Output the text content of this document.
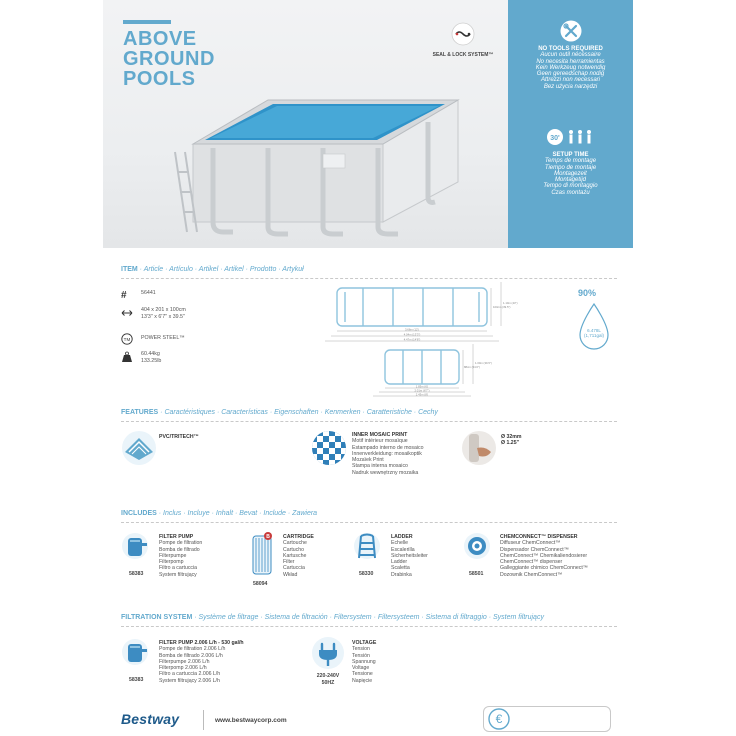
ABOVE
GROUND
POOLS
SEAL & LOCK SYSTEM™
NO TOOLS REQUIRED
Aucun outil nécessaire
No necesita herramientas
Kein Werkzeug notwendig
Geen gereedschap nodig
Attrezzi non necessari
Bez użycia narzędzi
30'
SETUP TIME
Temps de montage
Tiempo de montaje
Montagezeit
Montagetijd
Tempo di montaggio
Czas montażu
ITEM · Article · Artículo · Artikel · Artikel · Prodotto · Artykuł
#	56441
404 x 201 x 100cm
13'3" x 6'7" x 39.5"
TM POWER STEEL™
60.44kg
133.25lb
3.66m (12')
4.04m (13'3")
4.47m (14'8")
100cm (39.5")
1.10m (43")
1.83m (6')
2.01m (6'7")
2.43m (8')
88cm (34.6")
1.00m (39.5")
90%
6.478L
(1,711gal)
FEATURES · Caractéristiques · Características · Eigenschaften · Kenmerken · Caratteristiche · Cechy
PVC/TRITECH™	INNER MOSAIC PRINT
Motif intérieur mosaïque
Estampado interno de mosaico
Innenverkleidung: mosaikoptik
Mozaïek Print
Stampa interna mosaico
Nadruk wewnętrzny mozaika
Ø 32mm
Ø 1.25"
INCLUDES · Inclus · Incluye · Inhalt · Bevat · Include · Zawiera
58383
FILTER PUMP
Pompe de filtration
Bomba de filtrado
Filterpumpe
Filterpomp
Filtro a cartuccia
System filtrujący
B
58094
CARTRIDGE
Cartouche
Cartucho
Kartusche
Filter
Cartuccia
Wkład	58330
LADDER
Echelle
Escalerilla
Sicherheitsleiter
Ladder
Scaletta
Drabinka	58501
CHEMCONNECT™ DISPENSER
Diffuseur ChemConnect™
Dispensador ChemConnect™
ChemConnect™ Chemikaliendosierer
ChemConnect™ dispenser
Galleggiante chimico ChemConnect™
Dozownik ChemConnect™
FILTRATION SYSTEM · Système de filtrage · Sistema de filtración · Filtersystem · Filtersysteem · Sistema di filtraggio · System filtrujący
58383
FILTER PUMP 2.006 L/h - 530 gal/h
Pompe de filtration 2.006 L/h
Bomba de filtrado 2.006 L/h
Filterpumpe 2.006 L/h
Filterpomp 2.006 L/h
Filtro a cartuccia 2.006 L/h
System filtrujący 2.006 L/h
220-240V
50HZ
VOLTAGE
Tension
Tensión
Spannung
Voltage
Tensione
Napięcie
Bestway	www.bestwaycorp.com	€
